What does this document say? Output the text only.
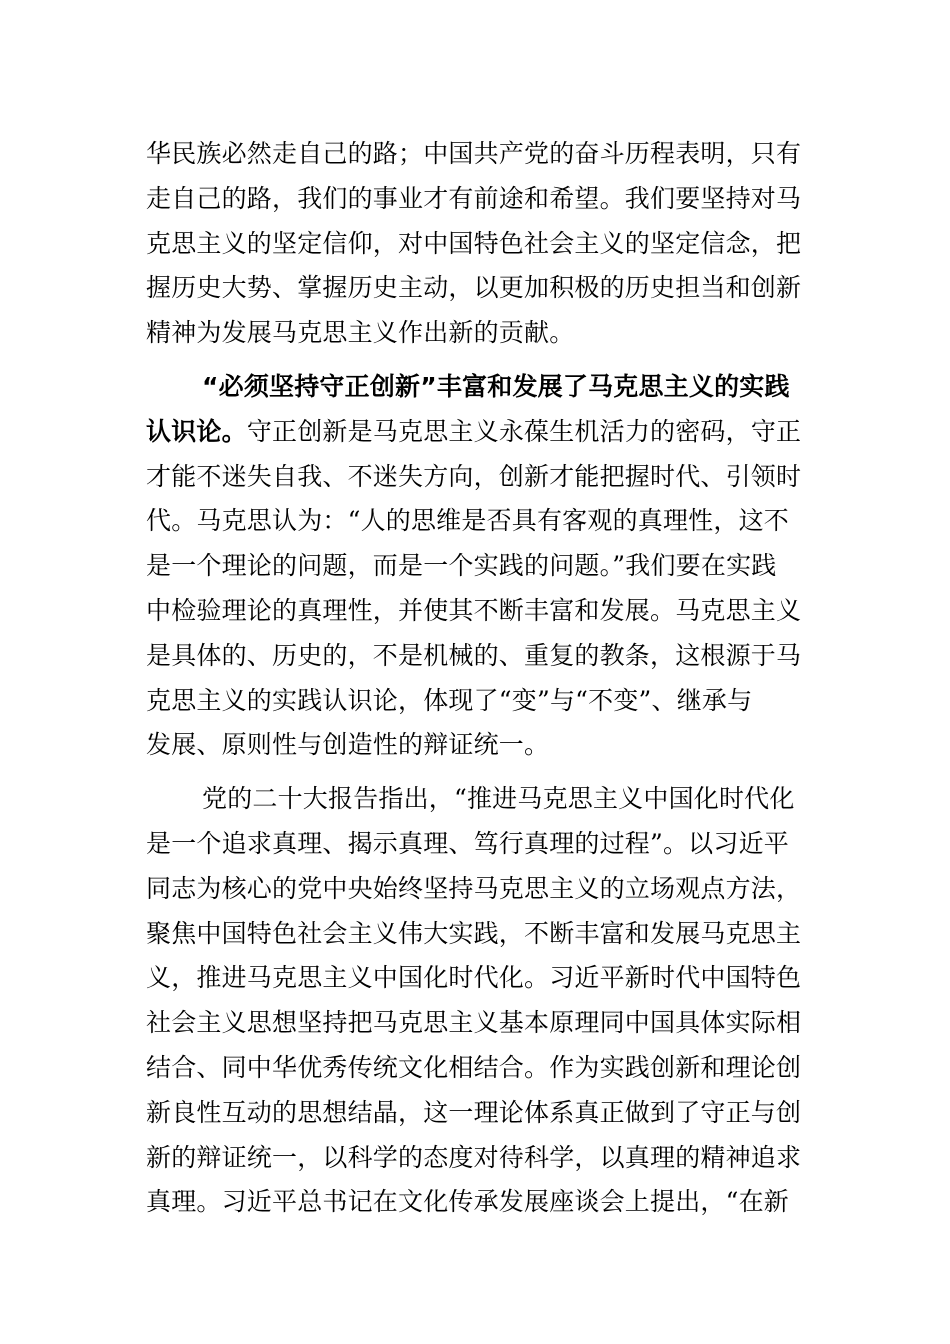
华民族必然走自己的路；中国共产党的奋斗历程表明，只有
走自己的路，我们的事业才有前途和希望。我们要坚持对马
克思主义的坚定信仰，对中国特色社会主义的坚定信念，把
握历史大势、掌握历史主动，以更加积极的历史担当和创新
精神为发展马克思主义作出新的贡献。

“必须坚持守正创新”丰富和发展了马克思主义的实践
认识论。守正创新是马克思主义永葆生机活力的密码，守正
才能不迷失自我、不迷失方向，创新才能把握时代、引领时
代。马克思认为：“人的思维是否具有客观的真理性，这不
是一个理论的问题，而是一个实践的问题。”我们要在实践
中检验理论的真理性，并使其不断丰富和发展。马克思主义
是具体的、历史的，不是机械的、重复的教条，这根源于马
克思主义的实践认识论，体现了“变”与“不变”、继承与
发展、原则性与创造性的辩证统一。

党的二十大报告指出，“推进马克思主义中国化时代化
是一个追求真理、揭示真理、笃行真理的过程”。以习近平
同志为核心的党中央始终坚持马克思主义的立场观点方法，
聚焦中国特色社会主义伟大实践，不断丰富和发展马克思主
义，推进马克思主义中国化时代化。习近平新时代中国特色
社会主义思想坚持把马克思主义基本原理同中国具体实际相
结合、同中华优秀传统文化相结合。作为实践创新和理论创
新良性互动的思想结晶，这一理论体系真正做到了守正与创
新的辩证统一，以科学的态度对待科学，以真理的精神追求
真理。习近平总书记在文化传承发展座谈会上提出，“在新
